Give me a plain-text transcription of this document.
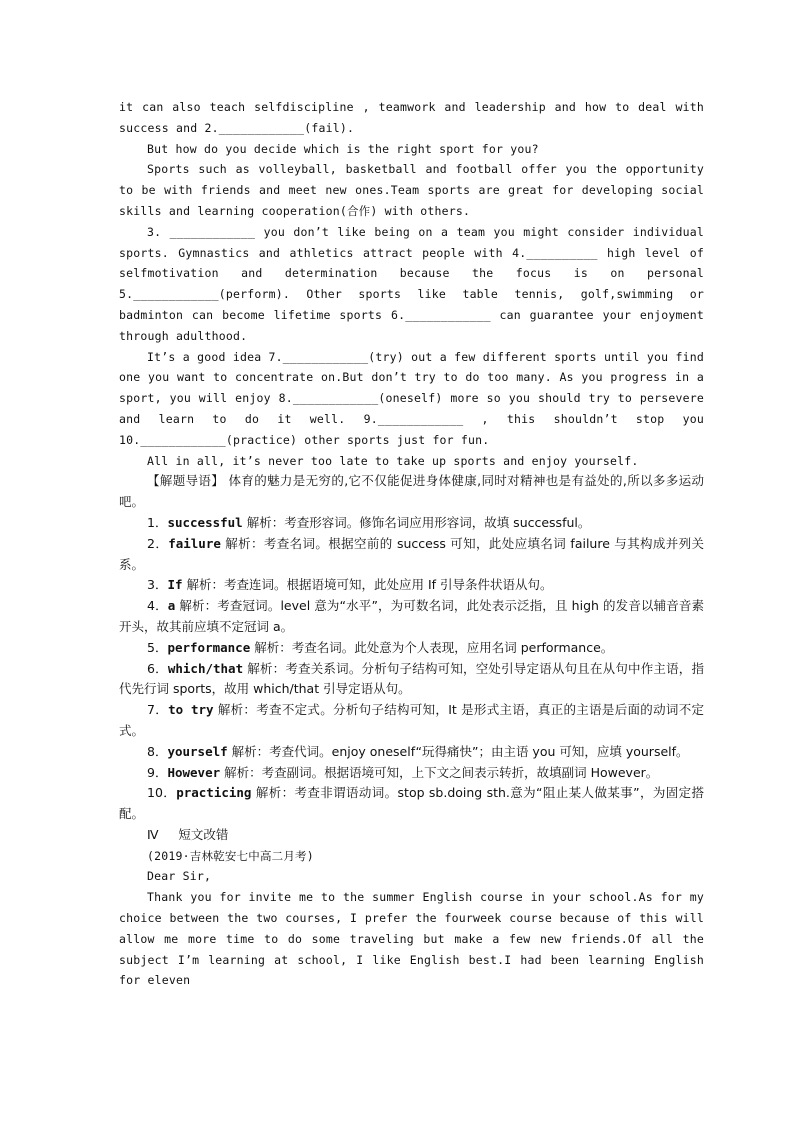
it can also teach selfdiscipline , teamwork and leadership and how to deal with success and 2.____________(fail).

But how do you decide which is the right sport for you?

Sports such as volleyball, basketball and football offer you the opportunity to be with friends and meet new ones.Team sports are great for developing social skills and learning cooperation(合作) with others.

3. ____________ you don’t like being on a team you might consider individual sports. Gymnastics and athletics attract people with 4.__________ high level of selfmotivation and determination because the focus is on personal 5.____________(perform). Other sports like table tennis, golf,swimming or badminton can become lifetime sports 6.____________ can guarantee your enjoyment through adulthood.

It’s a good idea 7.____________(try) out a few different sports until you find one you want to concentrate on.But don’t try to do too many. As you progress in a sport, you will enjoy 8.____________(oneself) more so you should try to persevere and learn to do it well. 9.____________ , this shouldn’t stop you 10.____________(practice) other sports just for fun.

All in all, it’s never too late to take up sports and enjoy yourself.

【解题导语】 体育的魅力是无穷的,它不仅能促进身体健康,同时对精神也是有益处的,所以多多运动吧。

1．successful 解析：考查形容词。修饰名词应用形容词，故填 successful。

2．failure 解析：考查名词。根据空前的 success 可知，此处应填名词 failure 与其构成并列关系。

3．If 解析：考查连词。根据语境可知，此处应用 If 引导条件状语从句。

4．a 解析：考查冠词。level 意为“水平”，为可数名词，此处表示泛指，且 high 的发音以辅音音素开头，故其前应填不定冠词 a。

5．performance 解析：考查名词。此处意为个人表现，应用名词 performance。

6．which/that 解析：考查关系词。分析句子结构可知，空处引导定语从句且在从句中作主语，指代先行词 sports，故用 which/that 引导定语从句。

7．to try 解析：考查不定式。分析句子结构可知，It 是形式主语，真正的主语是后面的动词不定式。

8．yourself 解析：考查代词。enjoy oneself“玩得痛快”；由主语 you 可知，应填 yourself。

9．However 解析：考查副词。根据语境可知，上下文之间表示转折，故填副词 However。

10．practicing 解析：考查非谓语动词。stop sb.doing sth.意为“阻止某人做某事”，为固定搭配。

Ⅳ 短文改错

(2019·吉林乾安七中高二月考)

Dear Sir,

Thank you for invite me to the summer English course in your school.As for my choice between the two courses, I prefer the fourweek course because of this will allow me more time to do some traveling but make a few new friends.Of all the subject I’m learning at school, I like English best.I had been learning English for eleven
